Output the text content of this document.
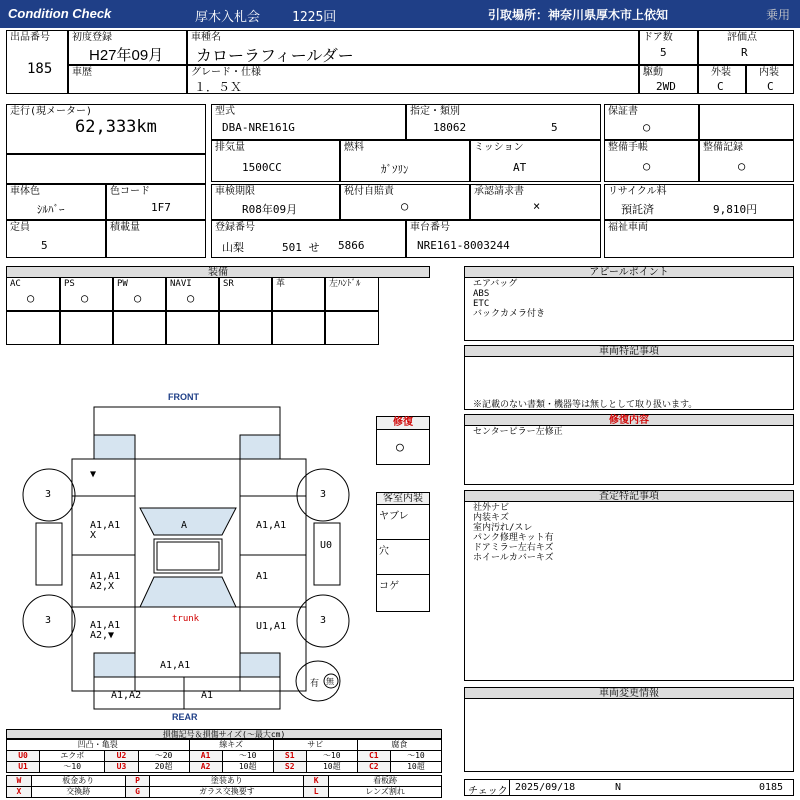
Condition Check	厚木入札会 1225回	引取場所：神奈川県厚木市上依知	乗用
出品番号
185
初度登録
H27年09月
車種名
カローラフィールダー
ドア数
5
評価点
R
車歴	グレード・仕様
１．５Ｘ
駆動
2WD
外装
C
内装
C
走行(現メーター)
62,333km
型式
DBA-NRE161G
指定・類別
18062	5
保証書
○
排気量
1500CC
燃料
ｶﾞｿﾘﾝ
ミッション
AT
整備手帳
○
整備記録
○
車体色
ｼﾙﾊﾞｰ
色コード
1F7
車検期限
R08年09月
税付自賠責
○
承認請求書
×
リサイクル料
預託済	9,810円
定員
5
積載量	登録番号
山梨	501 せ 5866
車台番号
NRE161-8003244
福祉車両
装備
AC
○
PS
○
PW
○
NAVI
○
SR	革	左ﾊﾝﾄﾞﾙ
アピールポイント
エアバッグ
ABS
ETC
バックカメラ付き
車両特記事項
※記載のない書類・機器等は無しとして取り扱います。
修復内容
センターピラー左修正
査定特記事項
社外ナビ
内装キズ
室内汚れ/スレ
パンク修理キット有
ドアミラー左右キズ
ホイールカバーキズ
車両変更情報
チェック 2025/09/18	N	0185
修復
○
客室内装
ヤブレ
穴
コゲ
FRONT
REAR
trunk
3	3
3	3
▼
A1,A1
X
A	A1,A1
U0
A1,A1
A2,X
A1
A1,A1
A2,▼
U1,A1
A1,A1
A1,A2	A1
有 無
損傷記号＆損傷サイズ(～最大cm)
凹凸・亀裂				線キズ		サビ		腐食	
U0	エクボ	U2	～20	A1	～10	S1	～10	C1	～10
U1	～10	U3	20超	A2	10超	S2	10超	C2	10超
W	板金あり	P	塗装あり	K	看板跡
X	交換跡	G	ガラス交換要す	L	レンズ割れ
